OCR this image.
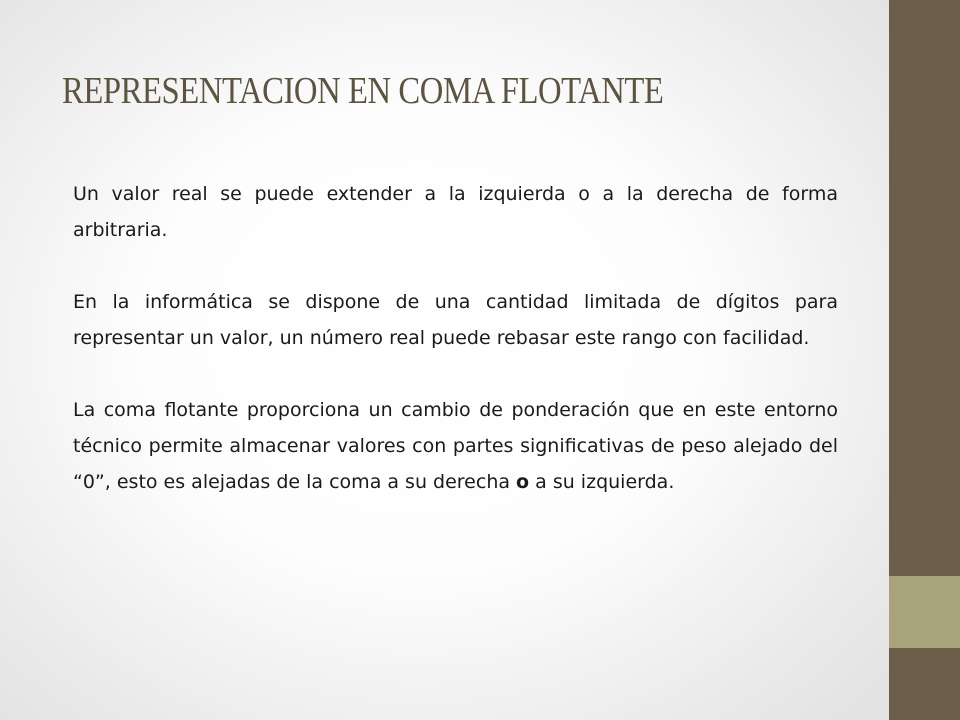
REPRESENTACION EN COMA FLOTANTE

Un valor real se puede extender a la izquierda o a la derecha de forma arbitraria.

En la informática se dispone de una cantidad limitada de dígitos para representar un valor, un número real puede rebasar este rango con facilidad.

La coma flotante proporciona un cambio de ponderación que en este entorno técnico permite almacenar valores con partes significativas de peso alejado del “0”, esto es alejadas de la coma a su derecha o a su izquierda.
